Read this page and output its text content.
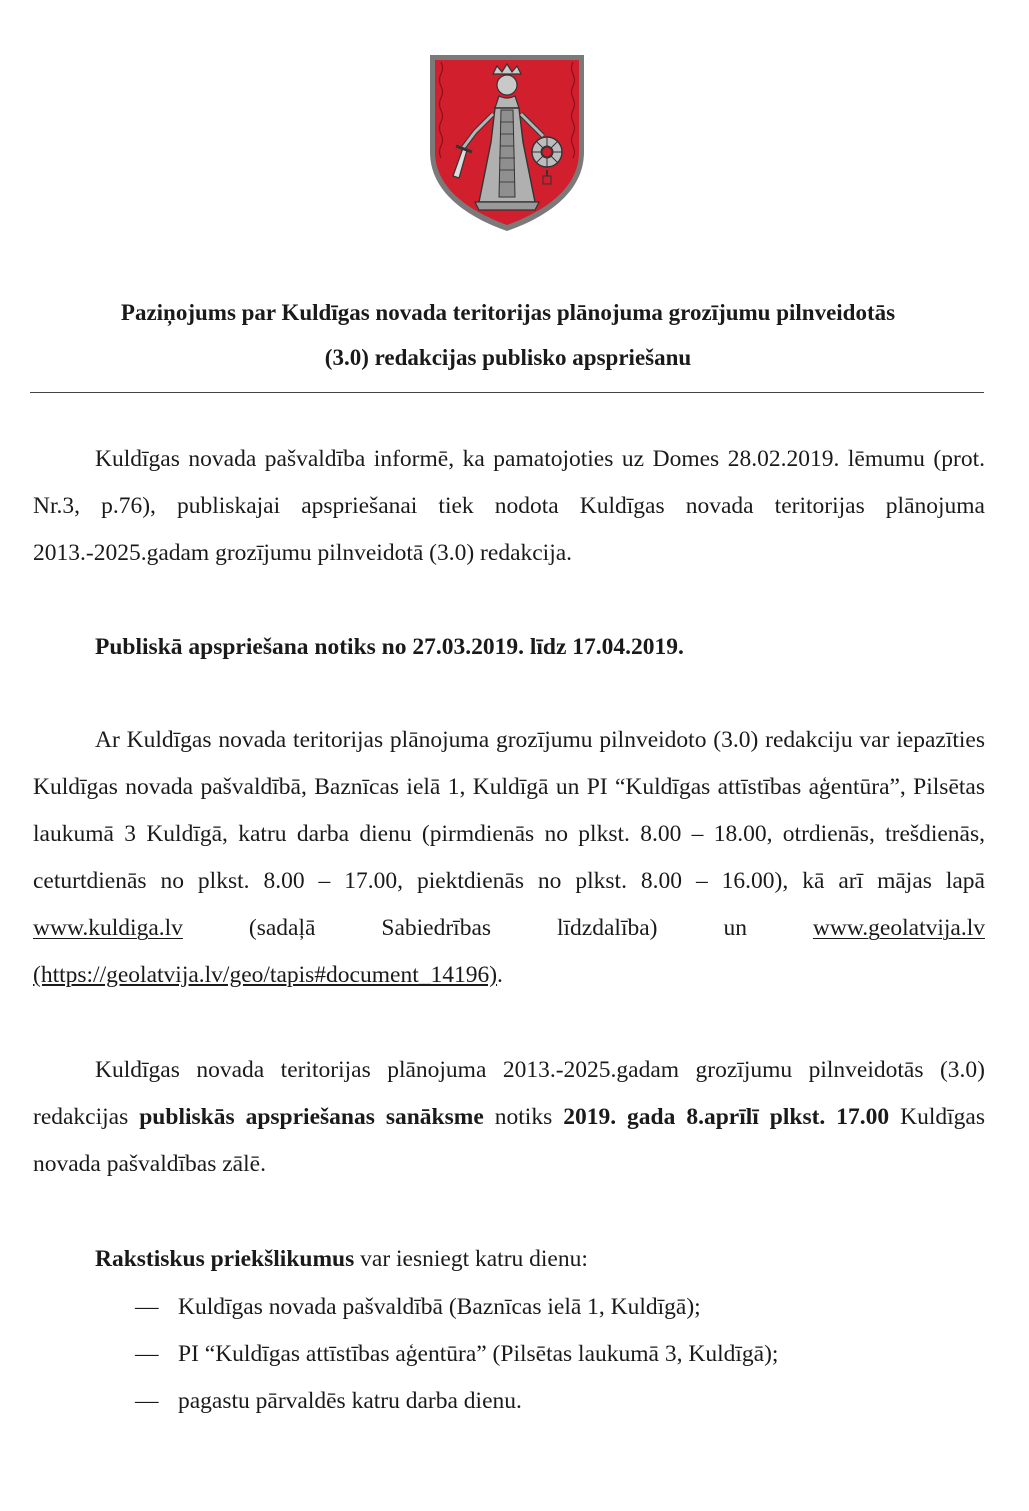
Paziņojums par Kuldīgas novada teritorijas plānojuma grozījumu pilnveidotās
(3.0) redakcijas publisko apspriešanu

Kuldīgas novada pašvaldība informē, ka pamatojoties uz Domes 28.02.2019. lēmumu (prot. Nr.3, p.76), publiskajai apspriešanai tiek nodota Kuldīgas novada teritorijas plānojuma 2013.-2025.gadam grozījumu pilnveidotā (3.0) redakcija.

Publiskā apspriešana notiks no 27.03.2019. līdz 17.04.2019.

Ar Kuldīgas novada teritorijas plānojuma grozījumu pilnveidoto (3.0) redakciju var iepazīties Kuldīgas novada pašvaldībā, Baznīcas ielā 1, Kuldīgā un PI “Kuldīgas attīstības aģentūra”, Pilsētas laukumā 3 Kuldīgā, katru darba dienu (pirmdienās no plkst. 8.00 – 18.00, otrdienās, trešdienās, ceturtdienās no plkst. 8.00 – 17.00, piektdienās no plkst. 8.00 – 16.00), kā arī mājas lapā www.kuldiga.lv (sadaļā Sabiedrības līdzdalība) un www.geolatvija.lv (https://geolatvija.lv/geo/tapis#document_14196).

Kuldīgas novada teritorijas plānojuma 2013.-2025.gadam grozījumu pilnveidotās (3.0) redakcijas publiskās apspriešanas sanāksme notiks 2019. gada 8.aprīlī plkst. 17.00 Kuldīgas novada pašvaldības zālē.

Rakstiskus priekšlikumus var iesniegt katru dienu:

— Kuldīgas novada pašvaldībā (Baznīcas ielā 1, Kuldīgā);
— PI “Kuldīgas attīstības aģentūra” (Pilsētas laukumā 3, Kuldīgā);
— pagastu pārvaldēs katru darba dienu.
